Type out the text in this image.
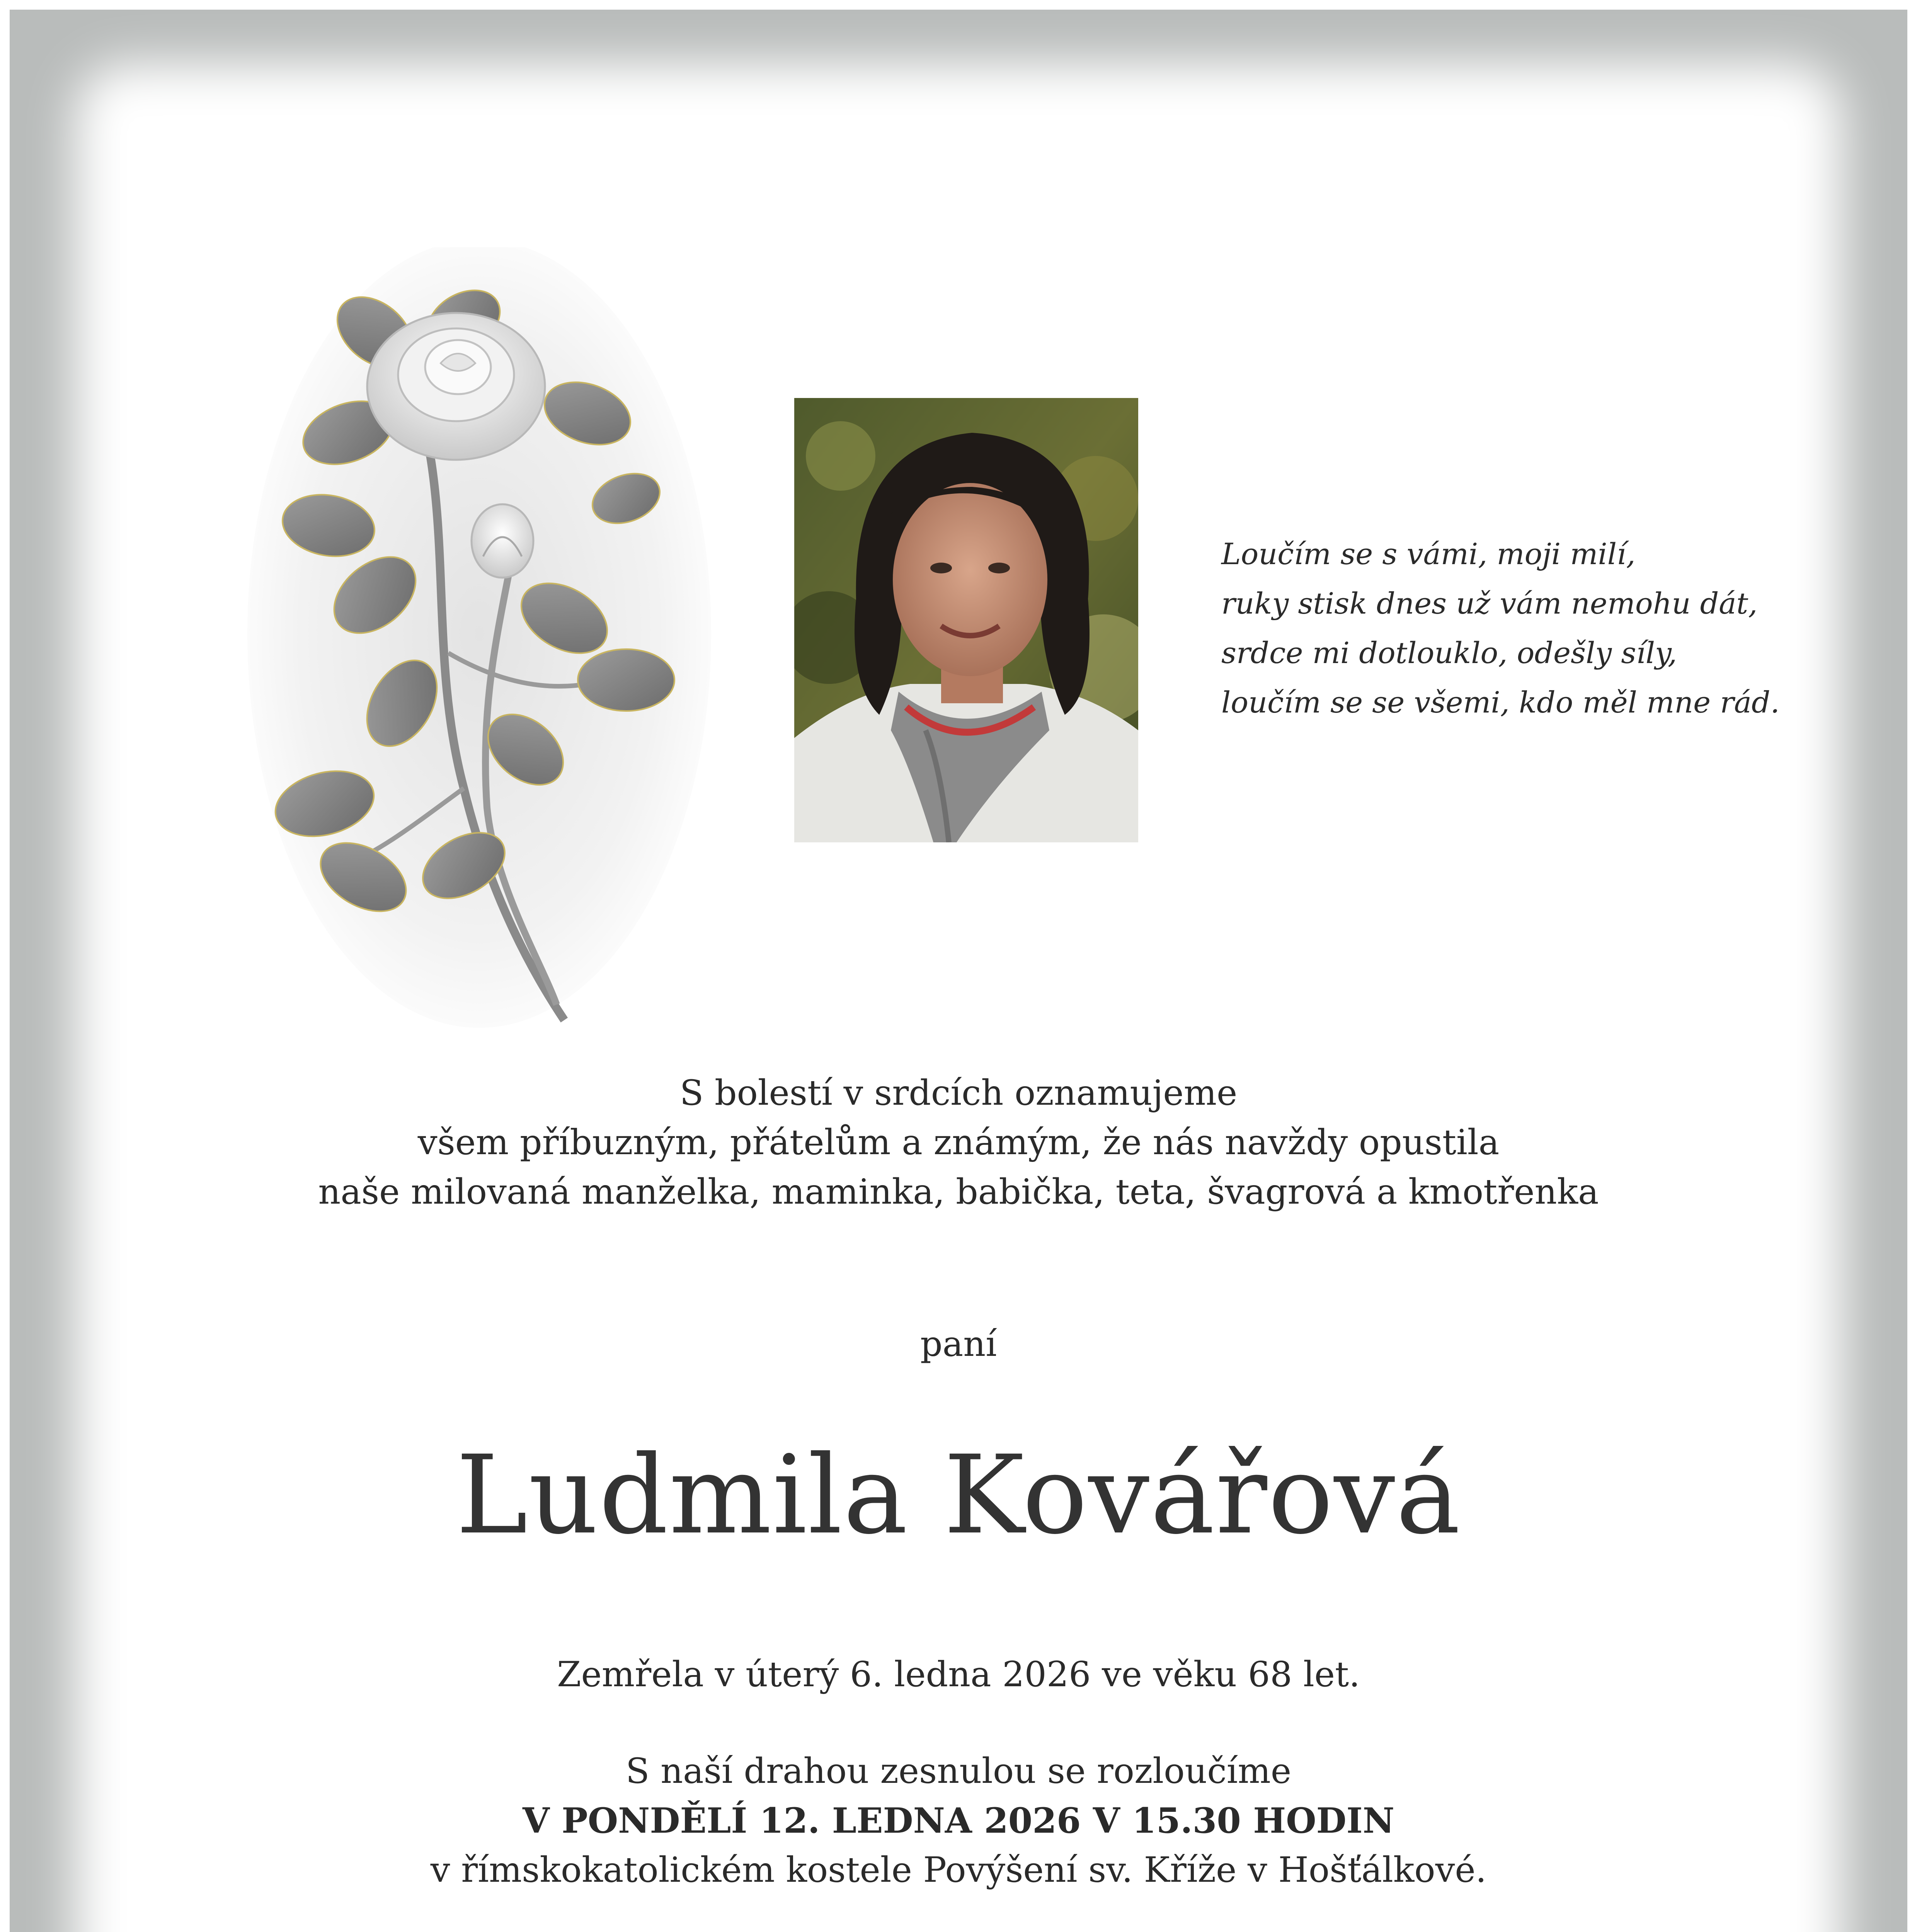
Loučím se s vámi, moji milí,
ruky stisk dnes už vám nemohu dát,
srdce mi dotlouklo, odešly síly,
loučím se se všemi, kdo měl mne rád.
S bolestí v srdcích oznamujeme
všem příbuzným, přátelům a známým, že nás navždy opustila
naše milovaná manželka, maminka, babička, teta, švagrová a kmotřenka
paní
Ludmila Kovářová
Zemřela v úterý 6. ledna 2026 ve věku 68 let.
S naší drahou zesnulou se rozloučíme
V PONDĚLÍ 12. LEDNA 2026 V 15.30 HODIN
v římskokatolickém kostele Povýšení sv. Kříže v Hošťálkové.
